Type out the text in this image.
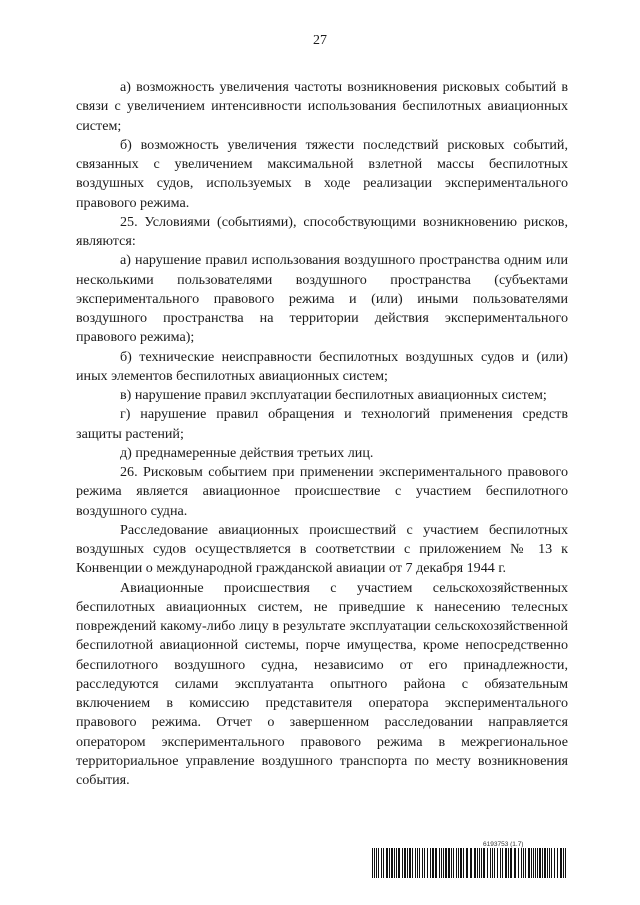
27

а) возможность увеличения частоты возникновения рисковых событий в связи с увеличением интенсивности использования беспилотных авиационных систем;

б) возможность увеличения тяжести последствий рисковых событий, связанных с увеличением максимальной взлетной массы беспилотных воздушных судов, используемых в ходе реализации экспериментального правового режима.

25. Условиями (событиями), способствующими возникновению рисков, являются:

а) нарушение правил использования воздушного пространства одним или несколькими пользователями воздушного пространства (субъектами экспериментального правового режима и (или) иными пользователями воздушного пространства на территории действия экспериментального правового режима);

б) технические неисправности беспилотных воздушных судов и (или) иных элементов беспилотных авиационных систем;

в) нарушение правил эксплуатации беспилотных авиационных систем;

г) нарушение правил обращения и технологий применения средств защиты растений;

д) преднамеренные действия третьих лиц.

26. Рисковым событием при применении экспериментального правового режима является авиационное происшествие с участием беспилотного воздушного судна.

Расследование авиационных происшествий с участием беспилотных воздушных судов осуществляется в соответствии с приложением № 13 к Конвенции о международной гражданской авиации от 7 декабря 1944 г.

Авиационные происшествия с участием сельскохозяйственных беспилотных авиационных систем, не приведшие к нанесению телесных повреждений какому-либо лицу в результате эксплуатации сельскохозяйственной беспилотной авиационной системы, порче имущества, кроме непосредственно беспилотного воздушного судна, независимо от его принадлежности, расследуются силами эксплуатанта опытного района с обязательным включением в комиссию представителя оператора экспериментального правового режима. Отчет о завершенном расследовании направляется оператором экспериментального правового режима в межрегиональное территориальное управление воздушного транспорта по месту возникновения события.

6193753 (1.7)
